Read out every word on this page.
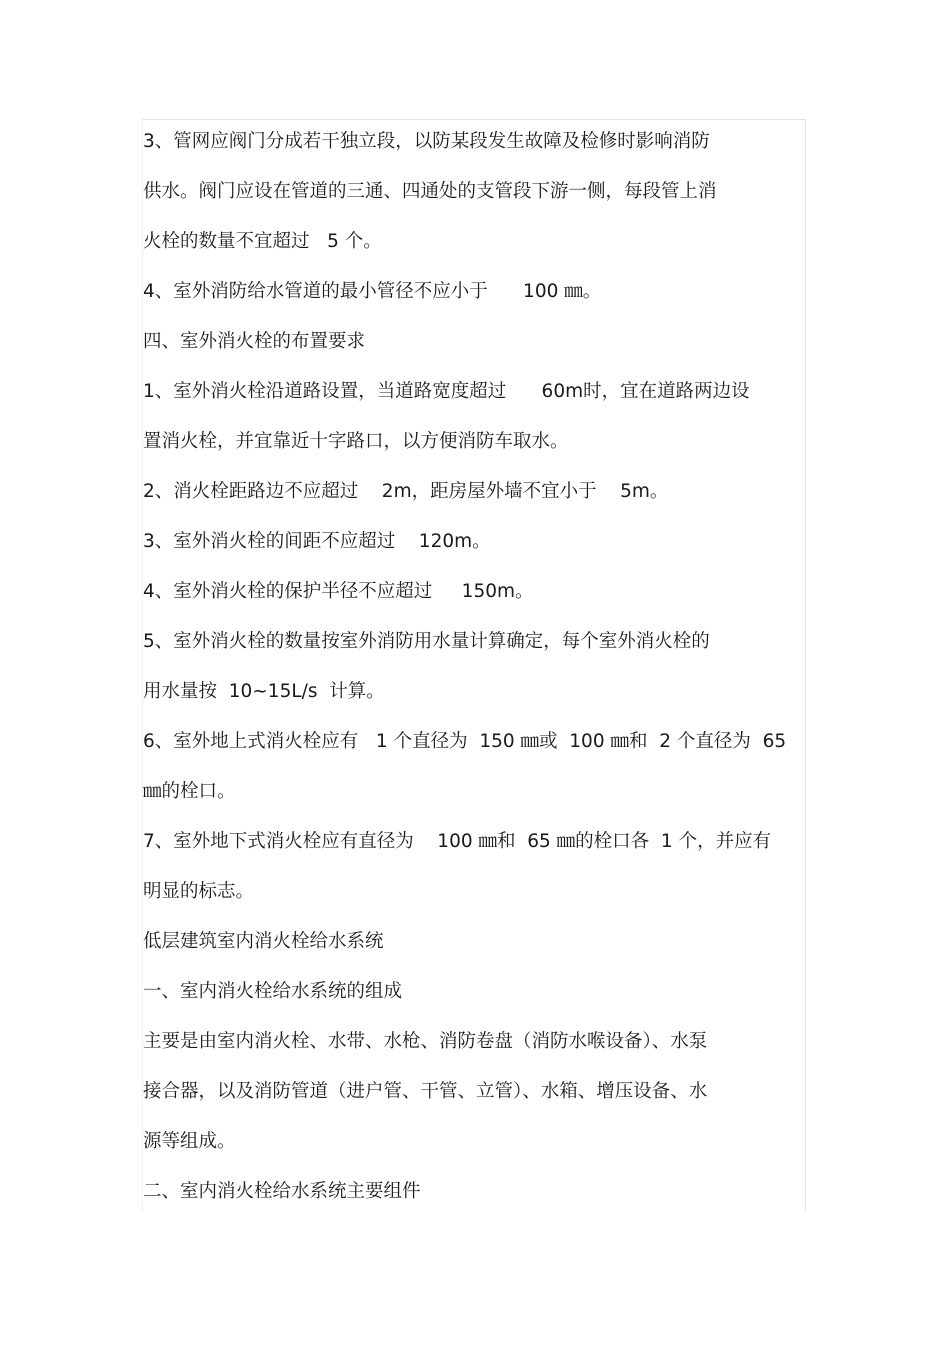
3、管网应阀门分成若干独立段，以防某段发生故障及检修时影响消防
供水。阀门应设在管道的三通、四通处的支管段下游一侧，每段管上消
火栓的数量不宜超过   5 个。
4、室外消防给水管道的最小管径不应小于      100 ㎜。
四、室外消火栓的布置要求
1、室外消火栓沿道路设置，当道路宽度超过      60m时，宜在道路两边设
置消火栓，并宜靠近十字路口，以方便消防车取水。
2、消火栓距路边不应超过    2m，距房屋外墙不宜小于    5m。
3、室外消火栓的间距不应超过    120m。
4、室外消火栓的保护半径不应超过     150m。
5、室外消火栓的数量按室外消防用水量计算确定，每个室外消火栓的
用水量按  10~15L/s  计算。
6、室外地上式消火栓应有   1 个直径为  150 ㎜或  100 ㎜和  2 个直径为  65
㎜的栓口。
7、室外地下式消火栓应有直径为    100 ㎜和  65 ㎜的栓口各  1 个，并应有
明显的标志。
低层建筑室内消火栓给水系统
一、室内消火栓给水系统的组成
主要是由室内消火栓、水带、水枪、消防卷盘（消防水喉设备）、水泵
接合器，以及消防管道（进户管、干管、立管）、水箱、增压设备、水
源等组成。
二、室内消火栓给水系统主要组件
